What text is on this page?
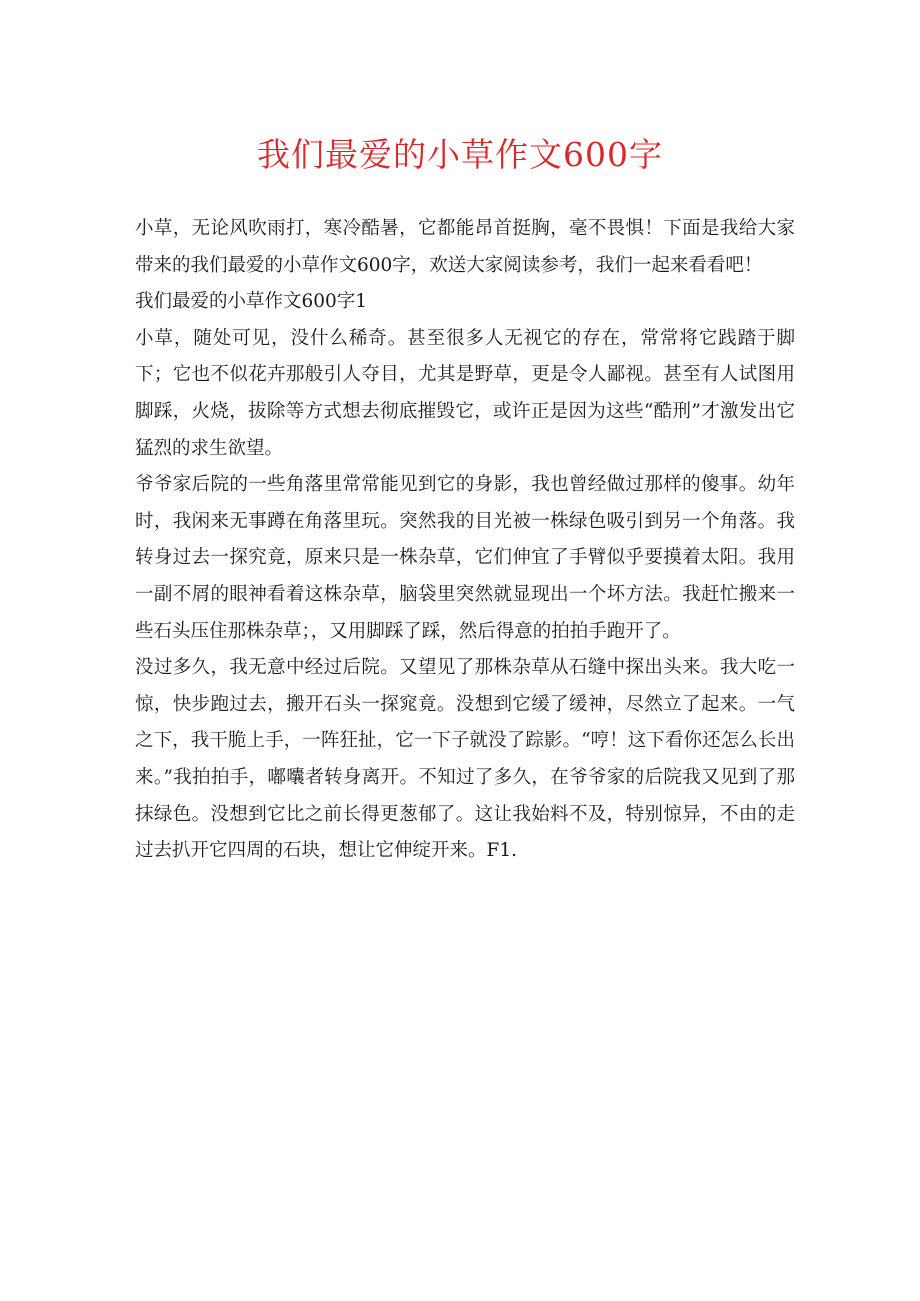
我们最爱的小草作文600字

小草，无论风吹雨打，寒冷酷暑，它都能昂首挺胸，毫不畏惧！下面是我给大家带来的我们最爱的小草作文600字，欢送大家阅读参考，我们一起来看看吧！

我们最爱的小草作文600字1

小草，随处可见，没什么稀奇。甚至很多人无视它的存在，常常将它践踏于脚下；它也不似花卉那般引人夺目，尤其是野草，更是令人鄙视。甚至有人试图用脚踩，火烧，拔除等方式想去彻底摧毁它，或许正是因为这些“酷刑”才激发出它猛烈的求生欲望。

爷爷家后院的一些角落里常常能见到它的身影，我也曾经做过那样的傻事。幼年时，我闲来无事蹲在角落里玩。突然我的目光被一株绿色吸引到另一个角落。我转身过去一探究竟，原来只是一株杂草，它们伸宜了手臂似乎要摸着太阳。我用一副不屑的眼神看着这株杂草，脑袋里突然就显现出一个坏方法。我赶忙搬来一些石头压住那株杂草；，又用脚踩了踩，然后得意的拍拍手跑开了。

没过多久，我无意中经过后院。又望见了那株杂草从石缝中探出头来。我大吃一惊，快步跑过去，搬开石头一探窕竟。没想到它缓了缓神，尽然立了起来。一气之下，我干脆上手，一阵狂扯，它一下子就没了踪影。“哼！这下看你还怎么长出来。”我拍拍手，嘟囔者转身离开。不知过了多久，在爷爷家的后院我又见到了那抹绿色。没想到它比之前长得更葱郁了。这让我始料不及，特别惊异，不由的走过去扒开它四周的石块，想让它伸绽开来。F1.
